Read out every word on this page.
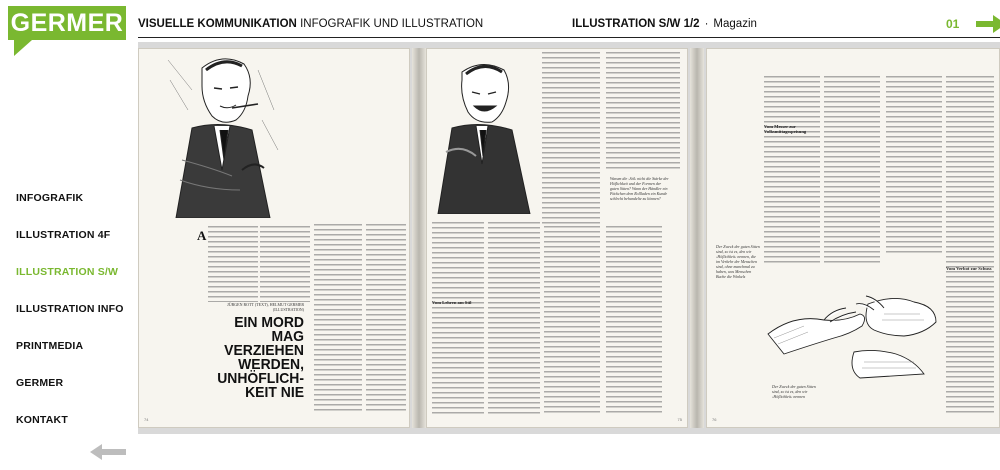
GERMER VISUELLE KOMMUNIKATION INFOGRAFIK UND ILLUSTRATION	ILLUSTRATION S/W 1/2 · Magazin	01
INFOGRAFIK
ILLUSTRATION 4F
ILLUSTRATION S/W
ILLUSTRATION INFO
PRINTMEDIA
GERMER
KONTAKT
A
JÜRGEN ROTT (TEXT), HELMUT GERMER (ILLUSTRATION)
EIN MORD MAG VERZIEHEN WERDEN, UNHÖFLICH-KEIT NIE
74
Warum die ›Stil‹ nicht die Stärke der Höflichkeit und der Formen der guten Sitten? Wann der Händler ein Päckchen dem Rollladen ein Kunde schlecht behandelte zu können?
Vom Lehren am Stil
75
Vom Messer zur Volksmittagsspeisung
Vom Verbot zur Schuss
Der Zweck der guten Sitten sind, so ist es, den wir ›Höflichkeit‹ nennen, die im Verkehr der Menschen sind, ohne manchmal zu haben, was Menschen Buche die Winkels
Der Zweck der guten Sitten sind, so ist es, den wir ›Höflichkeit‹ nennen
76
